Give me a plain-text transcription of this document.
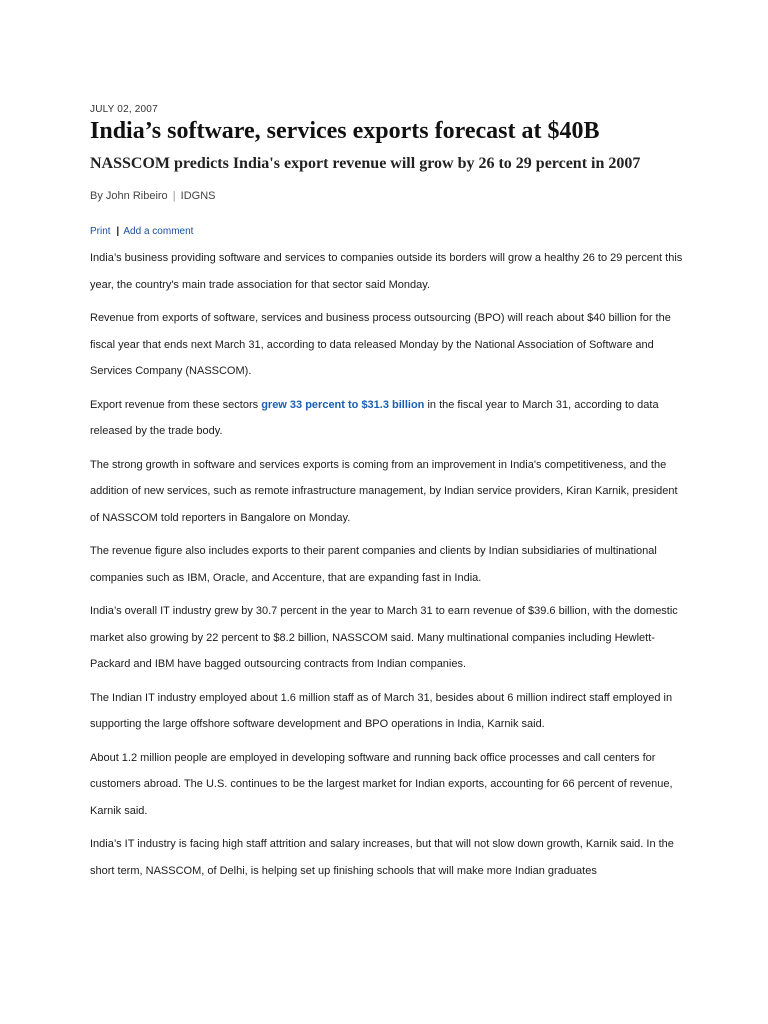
JULY 02, 2007
India’s software, services exports forecast at $40B
NASSCOM predicts India's export revenue will grow by 26 to 29 percent in 2007
By John Ribeiro | IDGNS
Print | Add a comment

India’s business providing software and services to companies outside its borders will grow a healthy 26 to 29 percent this year, the country's main trade association for that sector said Monday.

Revenue from exports of software, services and business process outsourcing (BPO) will reach about $40 billion for the fiscal year that ends next March 31, according to data released Monday by the National Association of Software and Services Company (NASSCOM).

Export revenue from these sectors grew 33 percent to $31.3 billion in the fiscal year to March 31, according to data released by the trade body.

The strong growth in software and services exports is coming from an improvement in India's competitiveness, and the addition of new services, such as remote infrastructure management, by Indian service providers, Kiran Karnik, president of NASSCOM told reporters in Bangalore on Monday.

The revenue figure also includes exports to their parent companies and clients by Indian subsidiaries of multinational companies such as IBM, Oracle, and Accenture, that are expanding fast in India.

India’s overall IT industry grew by 30.7 percent in the year to March 31 to earn revenue of $39.6 billion, with the domestic market also growing by 22 percent to $8.2 billion, NASSCOM said. Many multinational companies including Hewlett-Packard and IBM have bagged outsourcing contracts from Indian companies.

The Indian IT industry employed about 1.6 million staff as of March 31, besides about 6 million indirect staff employed in supporting the large offshore software development and BPO operations in India, Karnik said.

About 1.2 million people are employed in developing software and running back office processes and call centers for customers abroad. The U.S. continues to be the largest market for Indian exports, accounting for 66 percent of revenue, Karnik said.

India’s IT industry is facing high staff attrition and salary increases, but that will not slow down growth, Karnik said. In the short term, NASSCOM, of Delhi, is helping set up finishing schools that will make more Indian graduates
